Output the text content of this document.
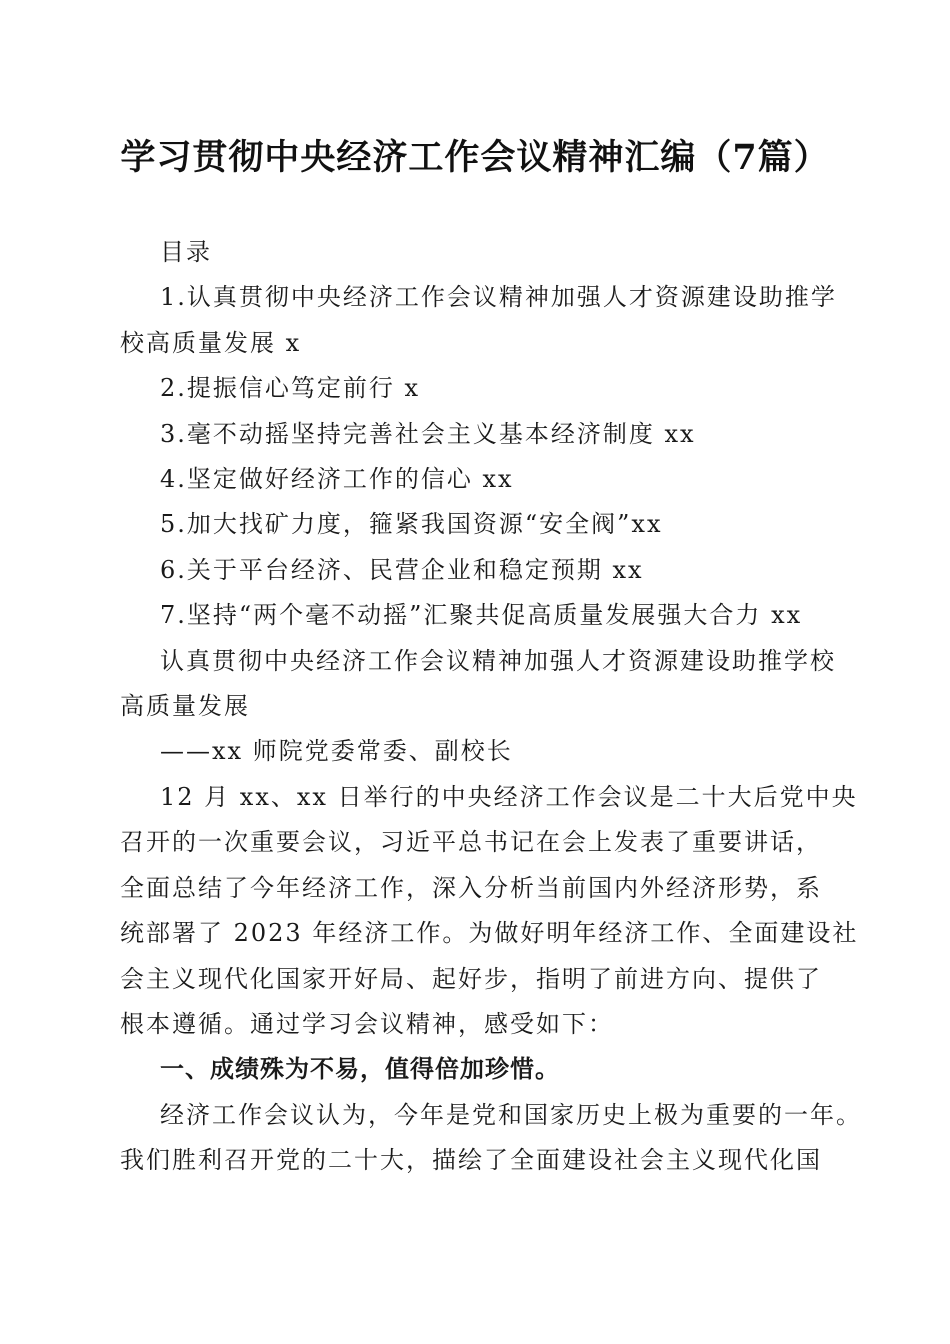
学习贯彻中央经济工作会议精神汇编（7篇）

目录

1.认真贯彻中央经济工作会议精神加强人才资源建设助推学

校高质量发展 x

2.提振信心笃定前行 x

3.毫不动摇坚持完善社会主义基本经济制度 xx

4.坚定做好经济工作的信心 xx

5.加大找矿力度，箍紧我国资源“安全阀”xx

6.关于平台经济、民营企业和稳定预期 xx

7.坚持“两个毫不动摇”汇聚共促高质量发展强大合力 xx

认真贯彻中央经济工作会议精神加强人才资源建设助推学校

高质量发展

——xx 师院党委常委、副校长

12 月 xx、xx 日举行的中央经济工作会议是二十大后党中央

召开的一次重要会议，习近平总书记在会上发表了重要讲话，

全面总结了今年经济工作，深入分析当前国内外经济形势，系

统部署了 2023 年经济工作。为做好明年经济工作、全面建设社

会主义现代化国家开好局、起好步，指明了前进方向、提供了

根本遵循。通过学习会议精神，感受如下：

一、成绩殊为不易，值得倍加珍惜。

经济工作会议认为，今年是党和国家历史上极为重要的一年。

我们胜利召开党的二十大，描绘了全面建设社会主义现代化国
